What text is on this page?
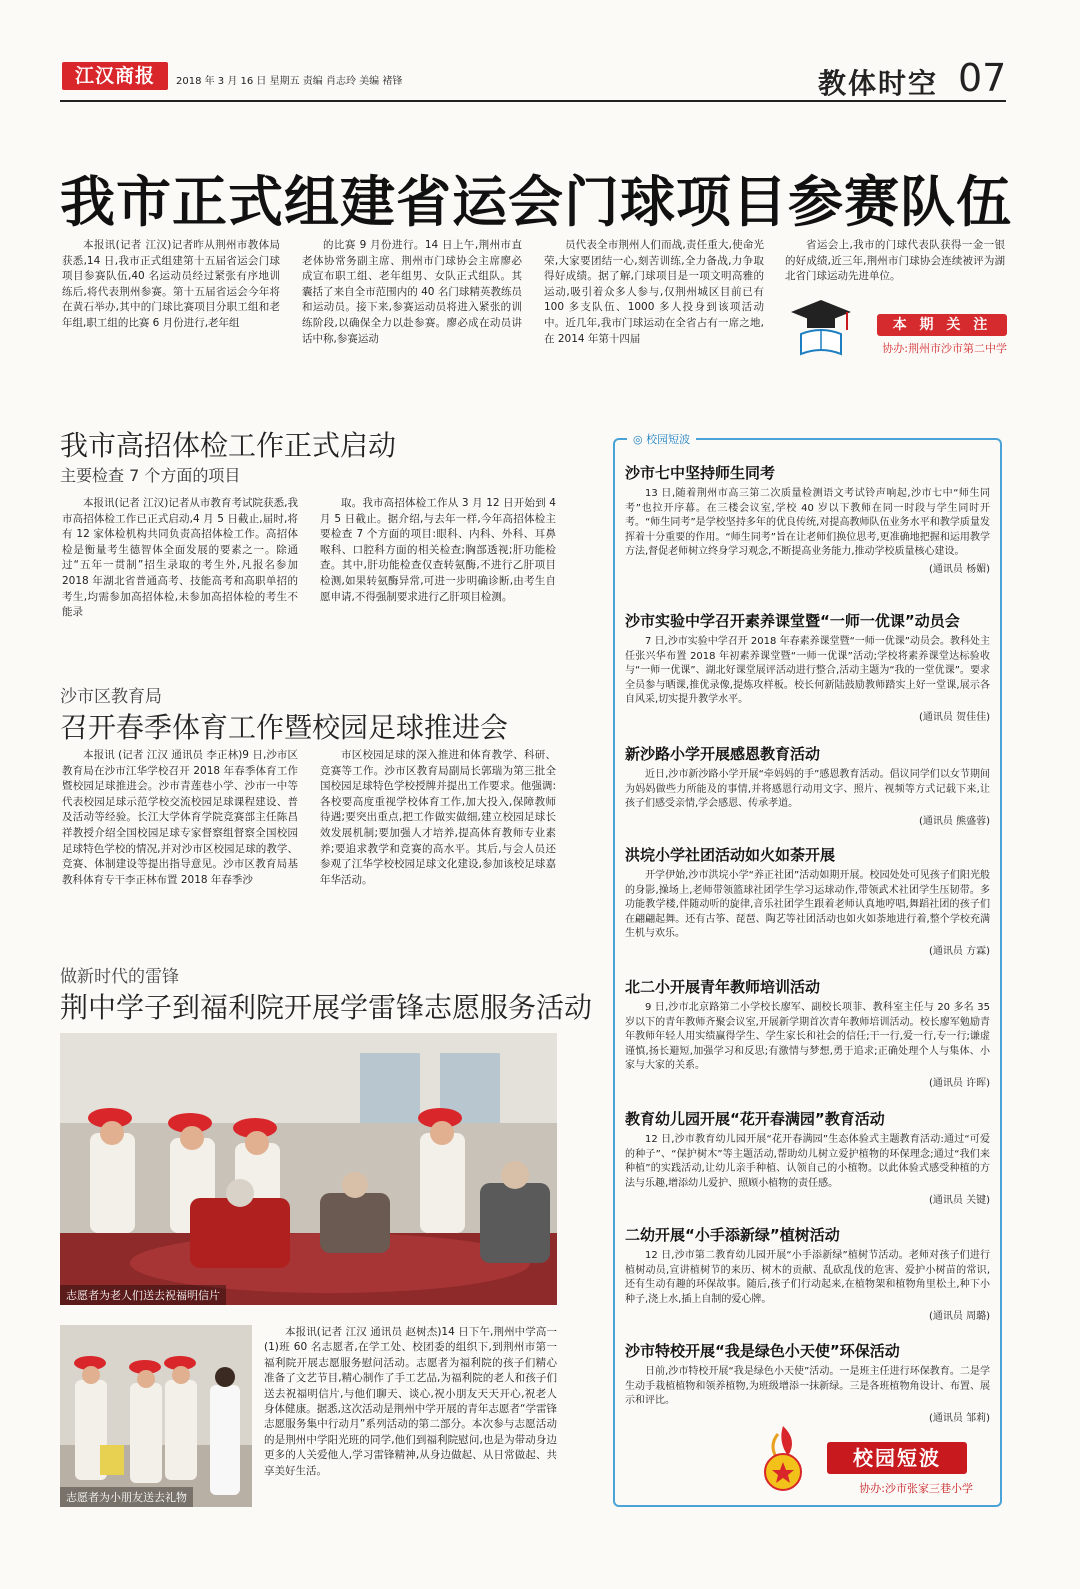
江汉商报	2018 年 3 月 16 日 星期五 责编 肖志玲 美编 褚锋	教体时空 07
我市正式组建省运会门球项目参赛队伍
本报讯(记者 江汉)记者昨从荆州市教体局获悉,14 日,我市正式组建第十五届省运会门球项目参赛队伍,40 名运动员经过紧张有序地训练后,将代表荆州参赛。第十五届省运会今年将在黄石举办,其中的门球比赛项目分职工组和老年组,职工组的比赛 6 月份进行,老年组
的比赛 9 月份进行。14 日上午,荆州市直老体协常务副主席、荆州市门球协会主席廖必成宣布职工组、老年组男、女队正式组队。其囊括了来自全市范围内的 40 名门球精英教练员和运动员。接下来,参赛运动员将进入紧张的训练阶段,以确保全力以赴参赛。廖必成在动员讲话中称,参赛运动
员代表全市荆州人们而战,责任重大,使命光荣,大家要团结一心,刻苦训练,全力备战,力争取得好成绩。据了解,门球项目是一项文明高雅的运动,吸引着众多人参与,仅荆州城区目前已有 100 多支队伍、1000 多人投身到该项活动中。近几年,我市门球运动在全省占有一席之地,在 2014 年第十四届
省运会上,我市的门球代表队获得一金一银的好成绩,近三年,荆州市门球协会连续被评为湖北省门球运动先进单位。
本 期 关 注
协办:荆州市沙市第二中学
我市高招体检工作正式启动
主要检查 7 个方面的项目
本报讯(记者 江汉)记者从市教育考试院获悉,我市高招体检工作已正式启动,4 月 5 日截止,届时,将有 12 家体检机构共同负责高招体检工作。高招体检是衡量考生德智体全面发展的要素之一。除通过“五年一贯制”招生录取的考生外,凡报名参加 2018 年湖北省普通高考、技能高考和高职单招的考生,均需参加高招体检,未参加高招体检的考生不能录
取。我市高招体检工作从 3 月 12 日开始到 4 月 5 日截止。据介绍,与去年一样,今年高招体检主要检查 7 个方面的项目:眼科、内科、外科、耳鼻喉科、口腔科方面的相关检查;胸部透视;肝功能检查。其中,肝功能检查仅查转氨酶,不进行乙肝项目检测,如果转氨酶异常,可进一步明确诊断,由考生自愿申请,不得强制要求进行乙肝项目检测。
沙市区教育局
召开春季体育工作暨校园足球推进会
本报讯 (记者 江汉 通讯员 李正林)9 日,沙市区教育局在沙市江华学校召开 2018 年春季体育工作暨校园足球推进会。沙市青莲巷小学、沙市一中等代表校园足球示范学校交流校园足球课程建设、普及活动等经验。长江大学体育学院竞赛部主任陈昌祥教授介绍全国校园足球专家督察组督察全国校园足球特色学校的情况,并对沙市区校园足球的教学、竞赛、体制建设等提出指导意见。沙市区教育局基教科体育专干李正林布置 2018 年春季沙
市区校园足球的深入推进和体育教学、科研、竞赛等工作。沙市区教育局副局长郭瑞为第三批全国校园足球特色学校授牌并提出工作要求。他强调:各校要高度重视学校体育工作,加大投入,保障教师待遇;要突出重点,把工作做实做细,建立校园足球长效发展机制;要加强人才培养,提高体育教师专业素养;要追求教学和竞赛的高水平。其后,与会人员还参观了江华学校校园足球文化建设,参加该校足球嘉年华活动。
做新时代的雷锋
荆中学子到福利院开展学雷锋志愿服务活动
志愿者为老人们送去祝福明信片
志愿者为小朋友送去礼物
本报讯(记者 江汉 通讯员 赵树杰)14 日下午,荆州中学高一(1)班 60 名志愿者,在学工处、校团委的组织下,到荆州市第一福利院开展志愿服务慰问活动。志愿者为福利院的孩子们精心准备了文艺节目,精心制作了手工艺品,为福利院的老人和孩子们送去祝福明信片,与他们聊天、谈心,祝小朋友天天开心,祝老人身体健康。据悉,这次活动是荆州中学开展的青年志愿者“学雷锋志愿服务集中行动月”系列活动的第二部分。本次参与志愿活动的是荆州中学阳光班的同学,他们到福利院慰问,也是为带动身边更多的人关爱他人,学习雷锋精神,从身边做起、从日常做起、共享美好生活。
◎ 校园短波
沙市七中坚持师生同考
13 日,随着荆州市高三第二次质量检测语文考试铃声响起,沙市七中“师生同考”也拉开序幕。在三楼会议室,学校 40 岁以下教师在同一时段与学生同时开考。“师生同考”是学校坚持多年的优良传统,对提高教师队伍业务水平和教学质量发挥着十分重要的作用。“师生同考”旨在让老师们换位思考,更准确地把握和运用教学方法,督促老师树立终身学习观念,不断提高业务能力,推动学校质量核心建设。
(通讯员 杨媚)
沙市实验中学召开素养课堂暨“一师一优课”动员会
7 日,沙市实验中学召开 2018 年春素养课堂暨“一师一优课”动员会。教科处主任张兴华布置 2018 年初素养课堂暨“一师一优课”活动;学校将素养课堂达标验收与“一师一优课”、湖北好课堂展评活动进行整合,活动主题为“我的一堂优课”。要求全员参与晒课,推优录像,提炼攻样板。校长何新陆鼓励教师踏实上好一堂课,展示各自风采,切实提升教学水平。
(通讯员 贺佳佳)
新沙路小学开展感恩教育活动
近日,沙市新沙路小学开展“牵妈妈的手”感恩教育活动。倡议同学们以女节期间为妈妈做些力所能及的事情,并将感恩行动用文字、照片、视频等方式记载下来,让孩子们感受亲情,学会感恩、传承孝道。
(通讯员 熊盛蓉)
洪垸小学社团活动如火如荼开展
开学伊始,沙市洪垸小学“养正社团”活动如期开展。校园处处可见孩子们阳光般的身影,操场上,老师带领篮球社团学生学习运球动作,带领武术社团学生压韧带。多功能教学楼,伴随动听的旋律,音乐社团学生跟着老师认真地哼唱,舞蹈社团的孩子们在翩翩起舞。还有古筝、琵琶、陶艺等社团活动也如火如荼地进行着,整个学校充满生机与欢乐。
(通讯员 方霖)
北二小开展青年教师培训活动
9 日,沙市北京路第二小学校长廖军、副校长项菲、教科室主任与 20 多名 35 岁以下的青年教师齐聚会议室,开展新学期首次青年教师培训活动。校长廖军勉励青年教师年轻人用实绩赢得学生、学生家长和社会的信任;干一行,爱一行,专一行;谦虚谨慎,扬长避短,加强学习和反思;有激情与梦想,勇于追求;正确处理个人与集体、小家与大家的关系。
(通讯员 许晖)
教育幼儿园开展“花开春满园”教育活动
12 日,沙市教育幼儿园开展“花开春满园”生态体验式主题教育活动:通过“可爱的种子”、“保护树木”等主题活动,帮助幼儿树立爱护植物的环保理念;通过“我们来种植”的实践活动,让幼儿亲手种植、认领自己的小植物。以此体验式感受种植的方法与乐趣,增添幼儿爱护、照顾小植物的责任感。
(通讯员 关键)
二幼开展“小手添新绿”植树活动
12 日,沙市第二教育幼儿园开展“小手添新绿”植树节活动。老师对孩子们进行植树动员,宣讲植树节的来历、树木的贡献、乱砍乱伐的危害、爱护小树苗的常识,还有生动有趣的环保故事。随后,孩子们行动起来,在植物架和植物角里松土,种下小种子,浇上水,插上自制的爱心牌。
(通讯员 周璐)
沙市特校开展“我是绿色小天使”环保活动
日前,沙市特校开展“我是绿色小天使”活动。一是班主任进行环保教育。二是学生动手栽植植物和领养植物,为班级增添一抹新绿。三是各班植物角设计、布置、展示和评比。
(通讯员 邹莉)
校园短波
协办:沙市张家三巷小学
